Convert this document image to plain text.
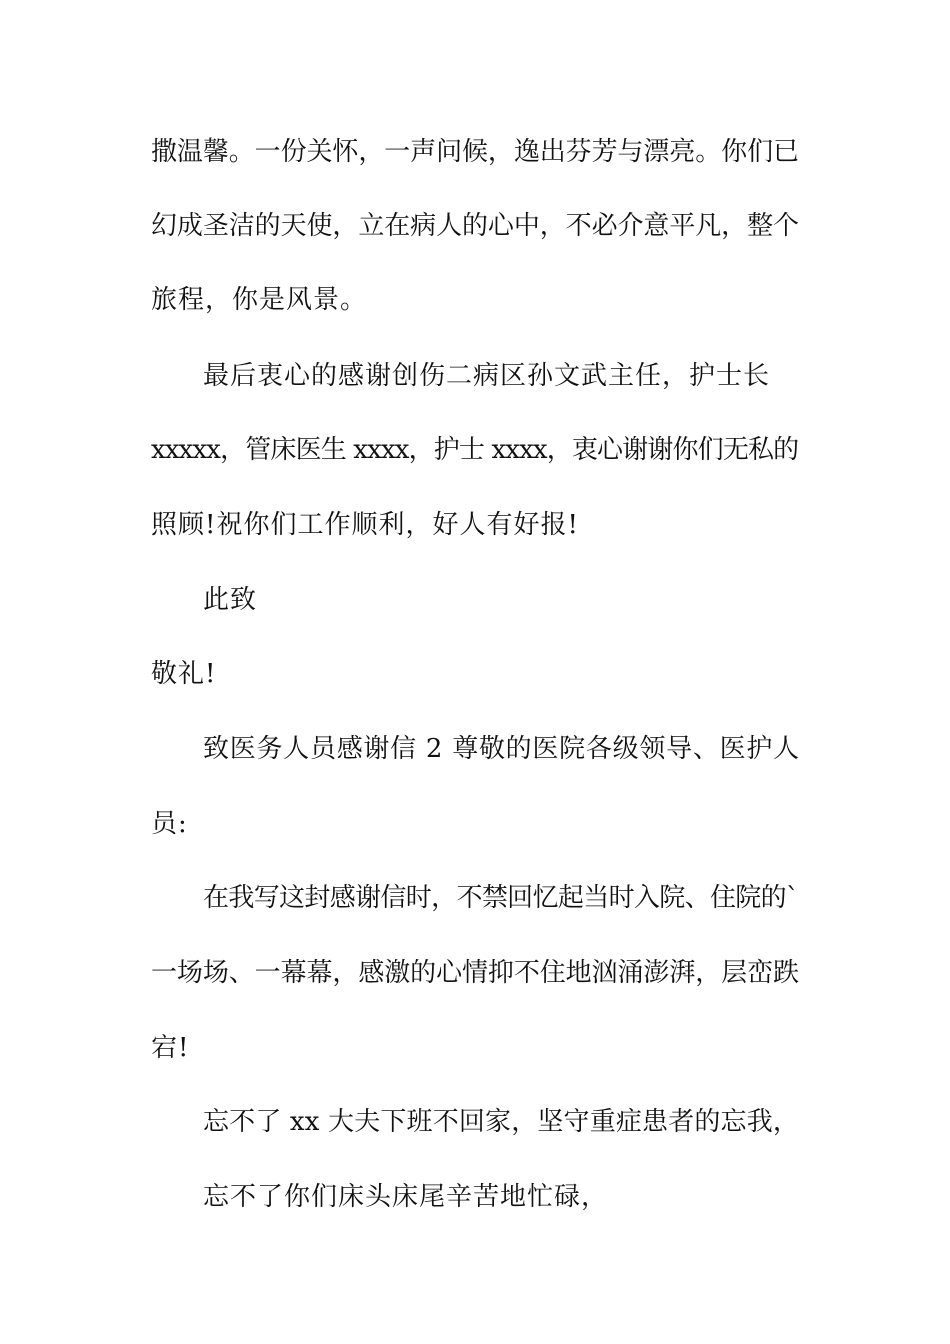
撒温馨。一份关怀，一声问候，逸出芬芳与漂亮。你们已
幻成圣洁的天使，立在病人的心中，不必介意平凡，整个
旅程，你是风景。
最后衷心的感谢创伤二病区孙文武主任，护士长
xxxxx，管床医生 xxxx，护士 xxxx，衷心谢谢你们无私的
照顾!祝你们工作顺利，好人有好报!
此致
敬礼!
致医务人员感谢信 2 尊敬的医院各级领导、医护人
员:
在我写这封感谢信时，不禁回忆起当时入院、住院的`
一场场、一幕幕，感激的心情抑不住地汹涌澎湃，层峦跌
宕!
忘不了 xx 大夫下班不回家，坚守重症患者的忘我，
忘不了你们床头床尾辛苦地忙碌，
